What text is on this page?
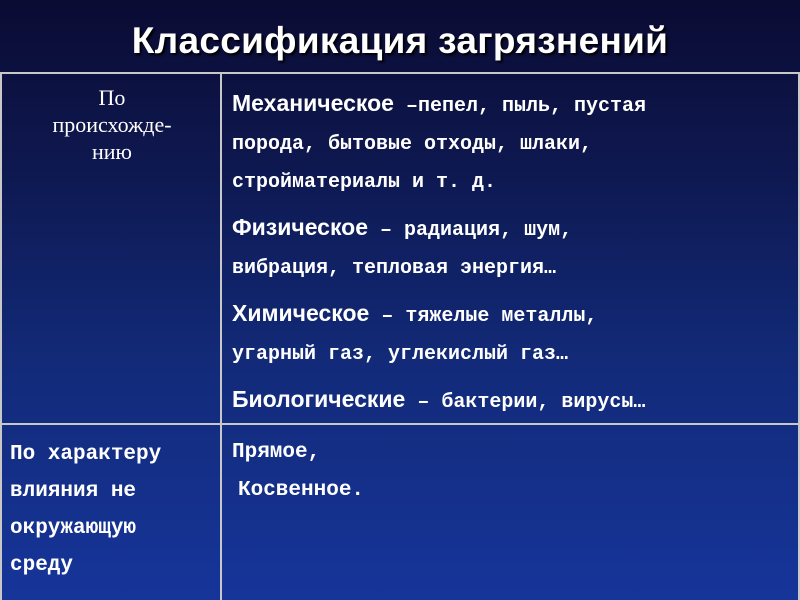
Классификация загрязнений
По
происхожде-
нию
Механическое –пепел, пыль, пустая
порода, бытовые отходы, шлаки,
стройматериалы и т. д.
Физическое – радиация, шум,
вибрация, тепловая энергия…
Химическое – тяжелые металлы,
угарный газ, углекислый газ…
Биологические – бактерии, вирусы…
По характеру
влияния не
окружающую
среду
Прямое,
Косвенное.
